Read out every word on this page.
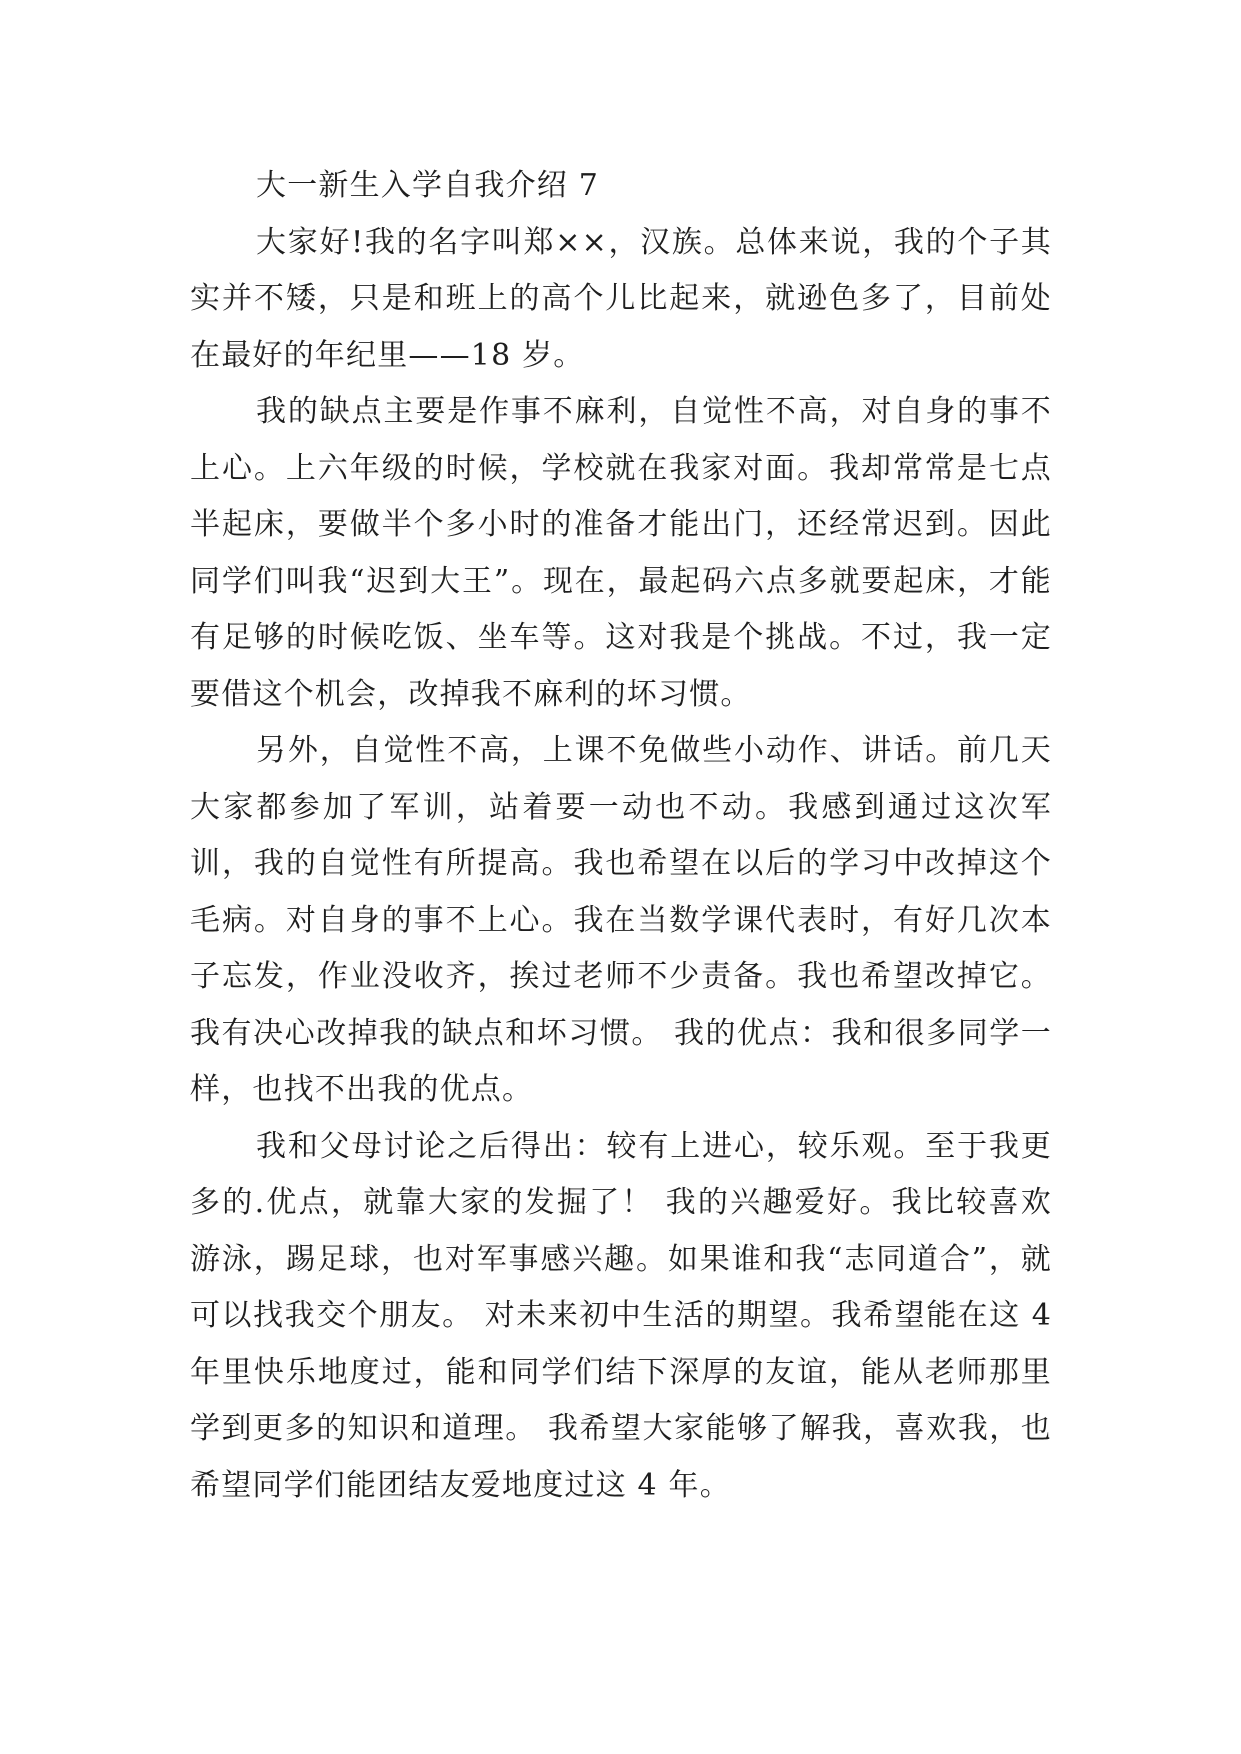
大一新生入学自我介绍 7

大家好!我的名字叫郑××，汉族。总体来说，我的个子其实并不矮，只是和班上的高个儿比起来，就逊色多了，目前处在最好的年纪里——18 岁。

我的缺点主要是作事不麻利，自觉性不高，对自身的事不上心。上六年级的时候，学校就在我家对面。我却常常是七点半起床，要做半个多小时的准备才能出门，还经常迟到。因此同学们叫我“迟到大王”。现在，最起码六点多就要起床，才能有足够的时候吃饭、坐车等。这对我是个挑战。不过，我一定要借这个机会，改掉我不麻利的坏习惯。

另外，自觉性不高，上课不免做些小动作、讲话。前几天大家都参加了军训，站着要一动也不动。我感到通过这次军训，我的自觉性有所提高。我也希望在以后的学习中改掉这个毛病。对自身的事不上心。我在当数学课代表时，有好几次本子忘发，作业没收齐，挨过老师不少责备。我也希望改掉它。我有决心改掉我的缺点和坏习惯。 我的优点：我和很多同学一样，也找不出我的优点。

我和父母讨论之后得出：较有上进心，较乐观。至于我更多的.优点，就靠大家的发掘了！ 我的兴趣爱好。我比较喜欢游泳，踢足球，也对军事感兴趣。如果谁和我“志同道合”，就可以找我交个朋友。 对未来初中生活的期望。我希望能在这 4 年里快乐地度过，能和同学们结下深厚的友谊，能从老师那里学到更多的知识和道理。 我希望大家能够了解我，喜欢我，也希望同学们能团结友爱地度过这 4 年。
